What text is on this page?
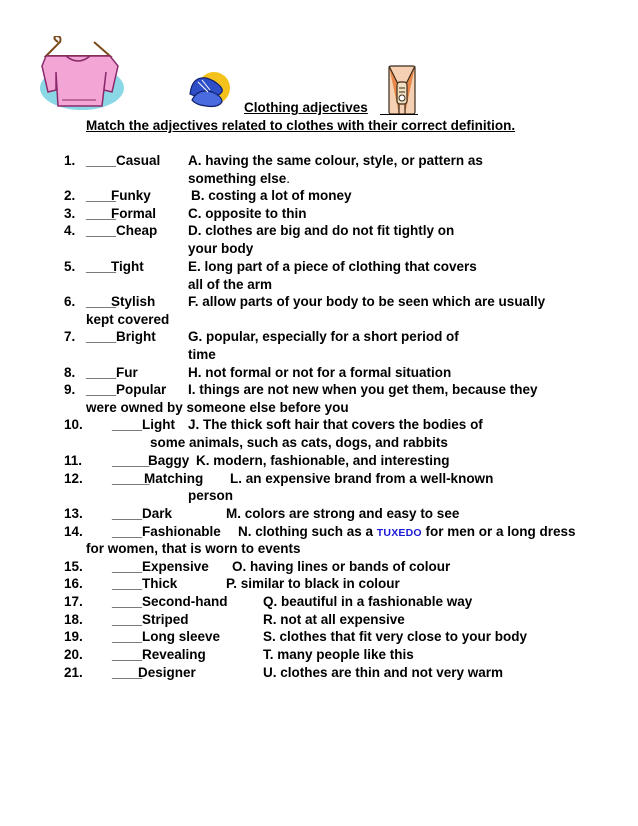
Clothing adjectives
Match the adjectives related to clothes with their correct definition.
1.
2.
3.
4.
5.
6.
7.
8.
9.
10.
11.
12.
13.
14.
15.
16.
17.
18.
19.
20.
21.
____ Casual
____
Funky
____
Formal
____ Cheap
____
Tight
____
Stylish
____ Bright
____ Fur
____ Popular
____ Light
_____
Baggy
_____
Matching
____ Dark
____ Fashionable
____ Expensive
____ Thick
____ Second-hand
____ Striped
____ Long sleeve
____ Revealing
____
Designer
A. having the same colour, style, or pattern as
something else.
B. costing a lot of money
C. opposite to thin
D. clothes are big and do not fit tightly on
your body
E. long part of a piece of clothing that covers
all of the arm
F. allow parts of your body to be seen which are usually
kept covered
G. popular, especially for a short period of
time
H. not formal or not for a formal situation
I. things are not new when you get them, because they
were owned by someone else before you
J. The thick soft hair that covers the bodies of
some animals, such as cats, dogs, and rabbits
K. modern, fashionable, and interesting
L. an expensive brand from a well-known
person
M. colors are strong and easy to see
N. clothing such as a TUXEDO for men or a long dress
for women, that is worn to events
O. having lines or bands of colour
P. similar to black in colour
Q. beautiful in a fashionable way
R. not at all expensive
S. clothes that fit very close to your body
T. many people like this
U. clothes are thin and not very warm
